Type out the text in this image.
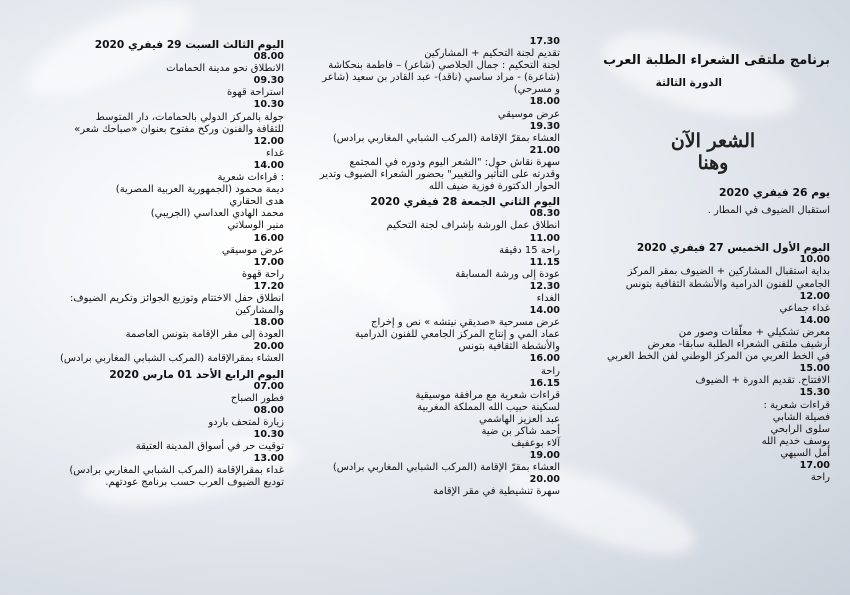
برنامج ملتقى الشعراء الطلبة العرب
الدورة الثالثة
يوم 26 فيفري 2020
استقبال الضيوف في المطار .
اليوم الأول الخميس 27 فيفري 2020
10.00
بداية استقبال المشاركين + الضيوف بمقر المركز
الجامعي للفنون الدرامية والأنشطة الثقافية بتونس
12.00
غداء جماعي
14.00
معرض تشكيلي + معلّقات وصور من
أرشيف ملتقى الشعراء الطلبة سابقا- معرض
في الخط العربي من المركز الوطني لفن الخط العربي
15.00
الافتتاح. تقديم الدورة + الضيوف
15.30
قراءات شعرية :
فصيلة الشابي
سلوى الرابحي
يوسف خديم الله
أمل السيهي
17.00
راحة
الشعر الآن وهنا
17.30
تقديم لجنة التحكيم + المشاركين
لجنة التحكيم : جمال الجلاصي (شاعر) – فاطمة بنحكاشة
(شاعرة) - مراد ساسي (ناقد)- عبد القادر بن سعيد (شاعر
و مسرحي)
18.00
عرض موسيقي
19.30
العشاء بمقرّ الإقامة (المركب الشبابي المغاربي برادس)
21.00
سهرة نقاش حول: "الشعر اليوم ودوره في المجتمع
وقدرته على التأثير والتغيير" بحضور الشعراء الضيوف وتدير
الحوار الدكتورة فوزية ضيف الله
اليوم الثاني الجمعة 28 فيفري 2020
08.30
انطلاق عمل الورشة بإشراف لجنة التحكيم
11.00
راحة 15 دقيقة
11.15
عودة إلى ورشة المسابقة
12.30
الغداء
14.00
عرض مسرحية «صديقي نيتشه » نص و إخراج
عماد المي و إنتاج المركز الجامعي للفنون الدرامية
والأنشطة الثقافية بتونس
16.00
راحة
16.15
قراءات شعرية مع مرافقة موسيقية
لسكينة حبيب الله المملكة المغربية
عبد العزيز الهاشمي
أحمد شاكر بن ضية
آلاء بوعفيف
19.00
العشاء بمقرّ الإقامة (المركب الشبابي المغاربي برادس)
20.00
سهرة تنشيطية في مقر الإقامة
اليوم الثالث السبت 29 فيفري 2020
08.00
الانطلاق نحو مدينة الحمامات
09.30
استراحة قهوة
10.30
جولة بالمركز الدولي بالحمامات، دار المتوسط
للثقافة والفنون وركح مفتوح بعنوان «صباحك شعر»
12.00
غداء
14.00
: قراءات شعرية
ديمة محمود (الجمهورية العربية المصرية)
هدى الحقاري
محمد الهادي العداسي (الجريبي)
منير الوسلاتي
16.00
عرض موسيقي
17.00
راحة قهوة
17.20
انطلاق حفل الاختتام وتوزيع الجوائز وتكريم الضيوف:
والمشاركين
18.00
العودة إلى مقر الإقامة بتونس العاصمة
20.00
العشاء بمقرالإقامة (المركب الشبابي المغاربي برادس)
اليوم الرابع الأحد 01 مارس 2020
07.00
فطور الصباح
08.00
زيارة لمتحف باردو
10.30
توقيت حر في أسواق المدينة العتيقة
13.00
غداء بمقرالإقامة (المركب الشبابي المغاربي برادس)
توديع الضيوف العرب حسب برنامج عودتهم.
